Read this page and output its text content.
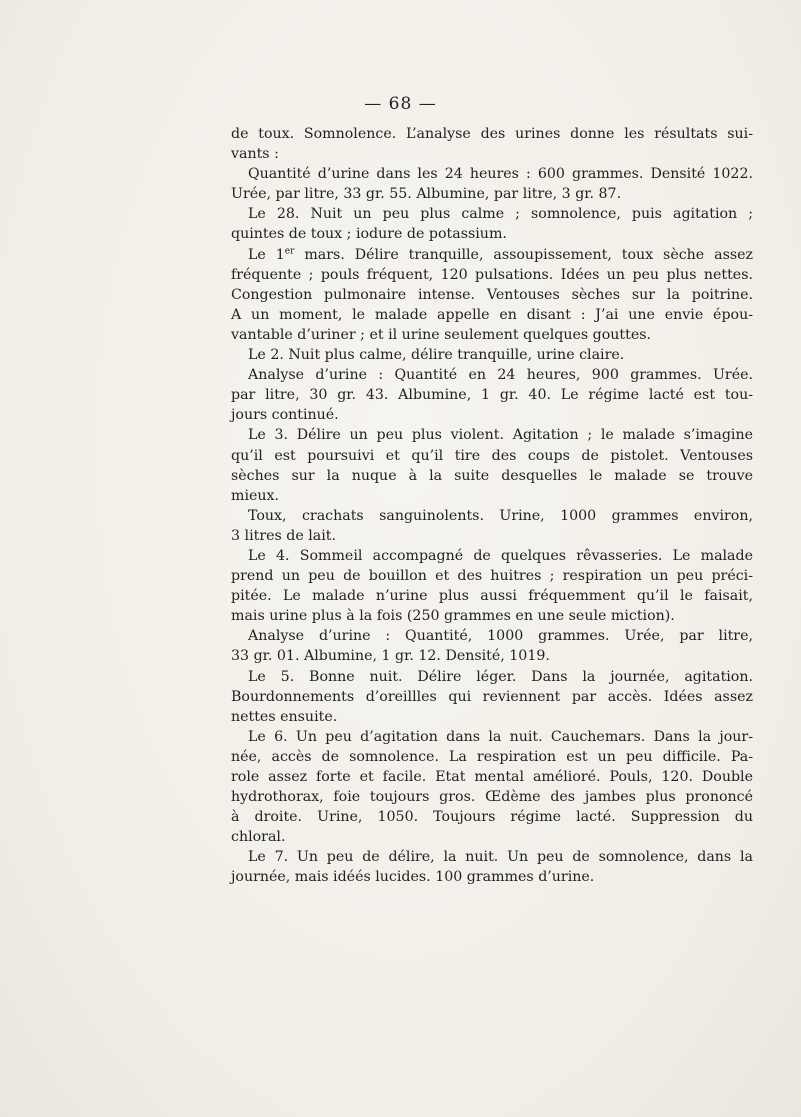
— 68 —
de toux. Somnolence. L’analyse des urines donne les résultats sui-
vants :
Quantité d’urine dans les 24 heures : 600 grammes. Densité 1022.
Urée, par litre, 33 gr. 55. Albumine, par litre, 3 gr. 87.
Le 28. Nuit un peu plus calme ; somnolence, puis agitation ;
quintes de toux ; iodure de potassium.
Le 1er mars. Délire tranquille, assoupissement, toux sèche assez
fréquente ; pouls fréquent, 120 pulsations. Idées un peu plus nettes.
Congestion pulmonaire intense. Ventouses sèches sur la poitrine.
A un moment, le malade appelle en disant : J’ai une envie épou-
vantable d’uriner ; et il urine seulement quelques gouttes.
Le 2. Nuit plus calme, délire tranquille, urine claire.
Analyse d’urine : Quantité en 24 heures, 900 grammes. Urée.
par litre, 30 gr. 43. Albumine, 1 gr. 40. Le régime lacté est tou-
jours continué.
Le 3. Délire un peu plus violent. Agitation ; le malade s’imagine
qu’il est poursuivi et qu’il tire des coups de pistolet. Ventouses
sèches sur la nuque à la suite desquelles le malade se trouve
mieux.
Toux, crachats sanguinolents. Urine, 1000 grammes environ,
3 litres de lait.
Le 4. Sommeil accompagné de quelques rêvasseries. Le malade
prend un peu de bouillon et des huitres ; respiration un peu préci-
pitée. Le malade n’urine plus aussi fréquemment qu’il le faisait,
mais urine plus à la fois (250 grammes en une seule miction).
Analyse d’urine : Quantité, 1000 grammes. Urée, par litre,
33 gr. 01. Albumine, 1 gr. 12. Densité, 1019.
Le 5. Bonne nuit. Délire léger. Dans la journée, agitation.
Bourdonnements d’oreillles qui reviennent par accès. Idées assez
nettes ensuite.
Le 6. Un peu d’agitation dans la nuit. Cauchemars. Dans la jour-
née, accès de somnolence. La respiration est un peu difficile. Pa-
role assez forte et facile. Etat mental amélioré. Pouls, 120. Double
hydrothorax, foie toujours gros. Œdème des jambes plus prononcé
à droite. Urine, 1050. Toujours régime lacté. Suppression du
chloral.
Le 7. Un peu de délire, la nuit. Un peu de somnolence, dans la
journée, mais idéés lucides. 100 grammes d’urine.
